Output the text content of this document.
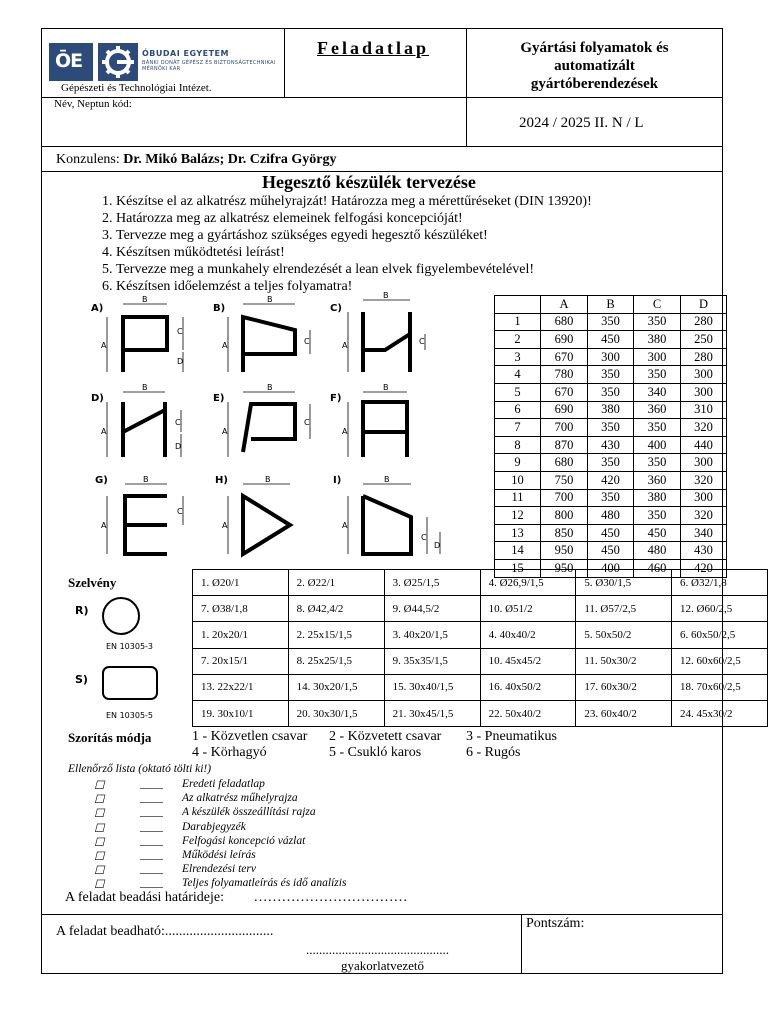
ŌE	ÓBUDAI EGYETEM
BÁNKI DONÁT GÉPÉSZ ÉS BIZTONSÁGTECHNIKAI MÉRNÖKI KAR
Gépészeti és Technológiai Intézet.
Feladatlap	Gyártási folyamatok és
automatizált
gyártóberendezések
Név, Neptun kód:
2024 / 2025 II. N / L
Konzulens: Dr. Mikó Balázs; Dr. Czifra György
Hegesztő készülék tervezése
1. Készítse el az alkatrész műhelyrajzát! Határozza meg a mérettűréseket (DIN 13920)!
2. Határozza meg az alkatrész elemeinek felfogási koncepcióját!
3. Tervezze meg a gyártáshoz szükséges egyedi hegesztő készüléket!
4. Készítsen működtetési leírást!
5. Tervezze meg a munkahely elrendezését a lean elvek figyelembevételével!
6. Készítsen időelemzést a teljes folyamatra!
A)	B)	C)
D)	E)	F)
G)	H)	I)
A
B
C
D
A
B
C	A
B
C
A
B
C
D
A
B
C
A
B
A
B
C
A
B
A
B
C
D
	A	B	C	D
1	680	350	350	280
2	690	450	380	250
3	670	300	300	280
4	780	350	350	300
5	670	350	340	300
6	690	380	360	310
7	700	350	350	320
8	870	430	400	440
9	680	350	350	300
10	750	420	360	320
11	700	350	380	300
12	800	480	350	320
13	850	450	450	340
14	950	450	480	430
15	950	400	460	420
Szelvény
R)
EN 10305-3
S)
EN 10305-5
1. Ø20/1	2. Ø22/1	3. Ø25/1,5	4. Ø26,9/1,5	5. Ø30/1,5	6. Ø32/1,8
7. Ø38/1,8	8. Ø42,4/2	9. Ø44,5/2	10. Ø51/2	11. Ø57/2,5	12. Ø60/2,5
1. 20x20/1	2. 25x15/1,5	3. 40x20/1,5	4. 40x40/2	5. 50x50/2	6. 60x50/2,5
7. 20x15/1	8. 25x25/1,5	9. 35x35/1,5	10. 45x45/2	11. 50x30/2	12. 60x60/2,5
13. 22x22/1	14. 30x20/1,5	15. 30x40/1,5	16. 40x50/2	17. 60x30/2	18. 70x60/2,5
19. 30x10/1	20. 30x30/1,5	21. 30x45/1,5	22. 50x40/2	23. 60x40/2	24. 45x30/2
Szorítás módja	1 - Közvetlen csavar 2 - Közvetett csavar 3 - Pneumatikus
4 - Körhagyó	5 - Csukló karos	6 - Rugós
Ellenőrző lista (oktató tölti ki!)
☐	____	Eredeti feladatlap
☐	____	Az alkatrész műhelyrajza
☐	____	A készülék összeállítási rajza
☐	____	Darabjegyzék
☐	____	Felfogási koncepció vázlat
☐	____	Működési leírás
☐	____	Elrendezési terv
☐	____	Teljes folyamatleírás és idő analízis
A feladat beadási határideje: ……………………………
A feladat beadható:...............................
............................................
gyakorlatvezető
Pontszám:
